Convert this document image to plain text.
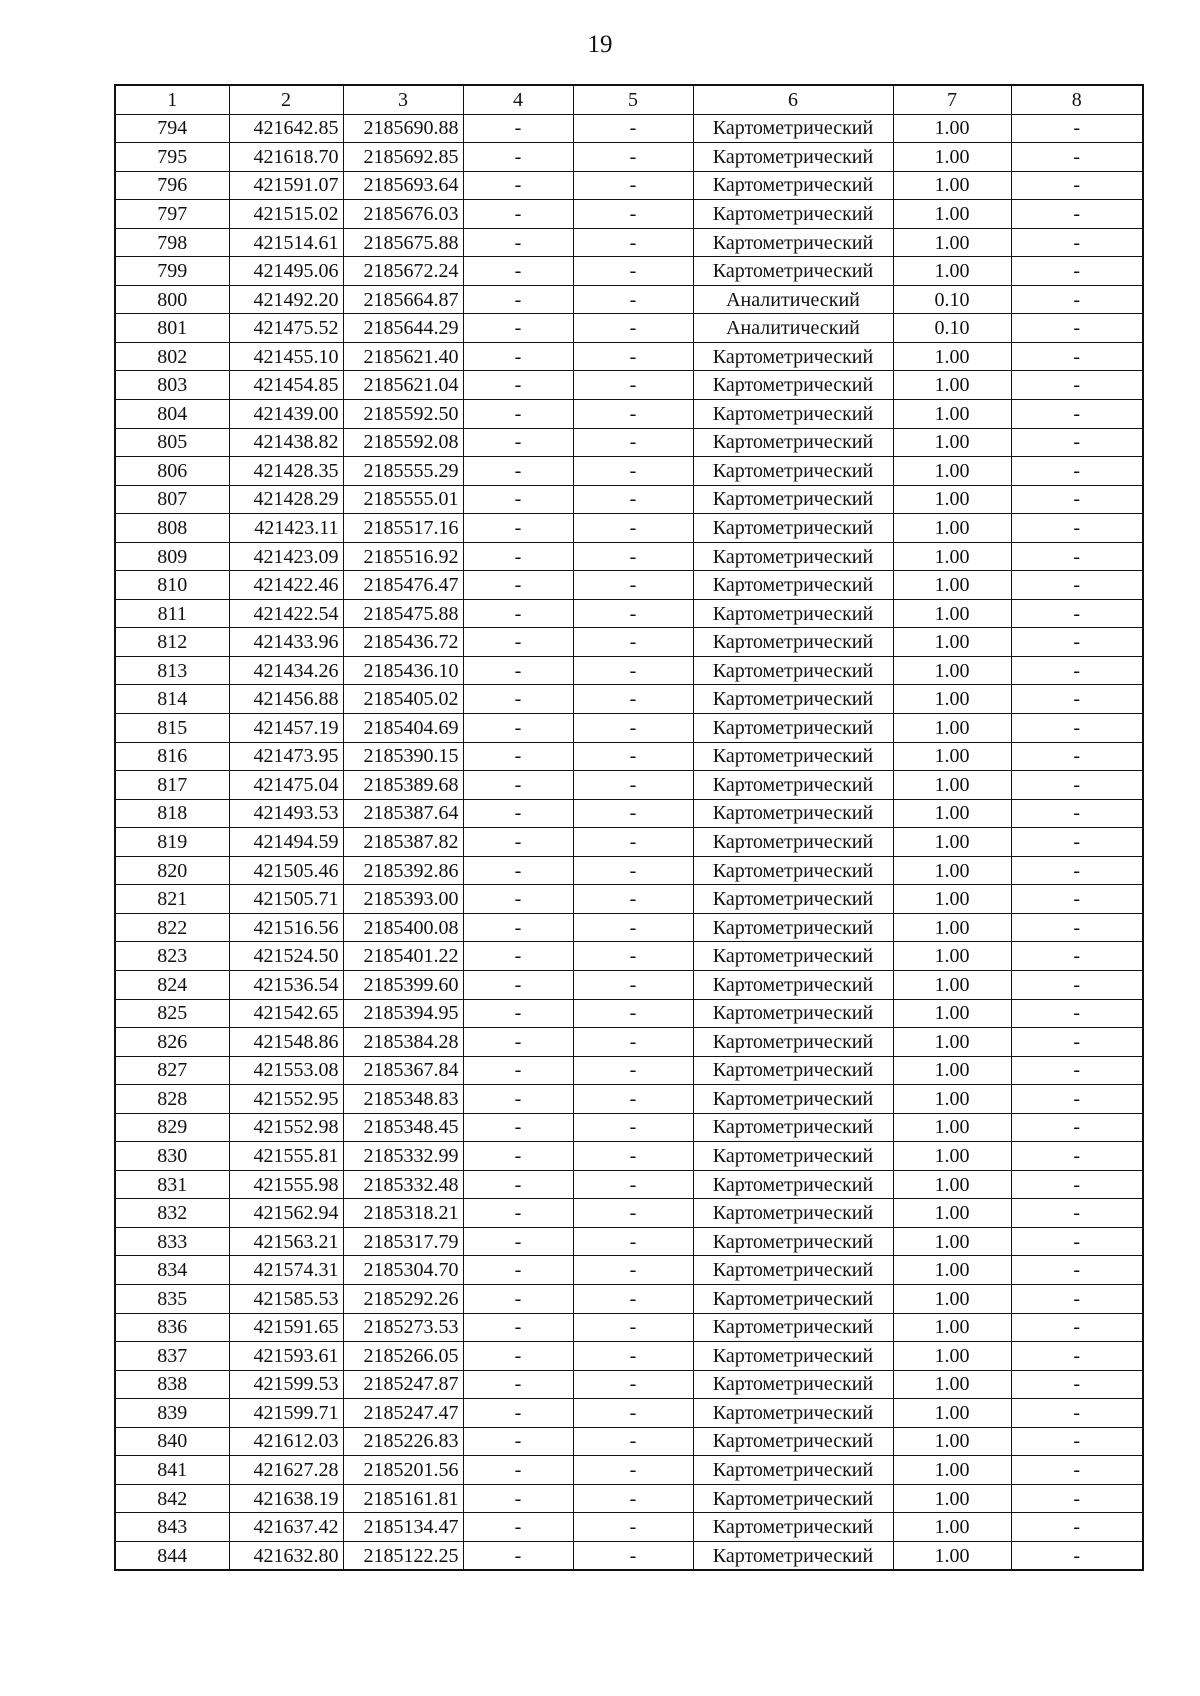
19
1	2	3	4	5	6	7	8
794	421642.85	2185690.88	-	-	Картометрический	1.00	-
795	421618.70	2185692.85	-	-	Картометрический	1.00	-
796	421591.07	2185693.64	-	-	Картометрический	1.00	-
797	421515.02	2185676.03	-	-	Картометрический	1.00	-
798	421514.61	2185675.88	-	-	Картометрический	1.00	-
799	421495.06	2185672.24	-	-	Картометрический	1.00	-
800	421492.20	2185664.87	-	-	Аналитический	0.10	-
801	421475.52	2185644.29	-	-	Аналитический	0.10	-
802	421455.10	2185621.40	-	-	Картометрический	1.00	-
803	421454.85	2185621.04	-	-	Картометрический	1.00	-
804	421439.00	2185592.50	-	-	Картометрический	1.00	-
805	421438.82	2185592.08	-	-	Картометрический	1.00	-
806	421428.35	2185555.29	-	-	Картометрический	1.00	-
807	421428.29	2185555.01	-	-	Картометрический	1.00	-
808	421423.11	2185517.16	-	-	Картометрический	1.00	-
809	421423.09	2185516.92	-	-	Картометрический	1.00	-
810	421422.46	2185476.47	-	-	Картометрический	1.00	-
811	421422.54	2185475.88	-	-	Картометрический	1.00	-
812	421433.96	2185436.72	-	-	Картометрический	1.00	-
813	421434.26	2185436.10	-	-	Картометрический	1.00	-
814	421456.88	2185405.02	-	-	Картометрический	1.00	-
815	421457.19	2185404.69	-	-	Картометрический	1.00	-
816	421473.95	2185390.15	-	-	Картометрический	1.00	-
817	421475.04	2185389.68	-	-	Картометрический	1.00	-
818	421493.53	2185387.64	-	-	Картометрический	1.00	-
819	421494.59	2185387.82	-	-	Картометрический	1.00	-
820	421505.46	2185392.86	-	-	Картометрический	1.00	-
821	421505.71	2185393.00	-	-	Картометрический	1.00	-
822	421516.56	2185400.08	-	-	Картометрический	1.00	-
823	421524.50	2185401.22	-	-	Картометрический	1.00	-
824	421536.54	2185399.60	-	-	Картометрический	1.00	-
825	421542.65	2185394.95	-	-	Картометрический	1.00	-
826	421548.86	2185384.28	-	-	Картометрический	1.00	-
827	421553.08	2185367.84	-	-	Картометрический	1.00	-
828	421552.95	2185348.83	-	-	Картометрический	1.00	-
829	421552.98	2185348.45	-	-	Картометрический	1.00	-
830	421555.81	2185332.99	-	-	Картометрический	1.00	-
831	421555.98	2185332.48	-	-	Картометрический	1.00	-
832	421562.94	2185318.21	-	-	Картометрический	1.00	-
833	421563.21	2185317.79	-	-	Картометрический	1.00	-
834	421574.31	2185304.70	-	-	Картометрический	1.00	-
835	421585.53	2185292.26	-	-	Картометрический	1.00	-
836	421591.65	2185273.53	-	-	Картометрический	1.00	-
837	421593.61	2185266.05	-	-	Картометрический	1.00	-
838	421599.53	2185247.87	-	-	Картометрический	1.00	-
839	421599.71	2185247.47	-	-	Картометрический	1.00	-
840	421612.03	2185226.83	-	-	Картометрический	1.00	-
841	421627.28	2185201.56	-	-	Картометрический	1.00	-
842	421638.19	2185161.81	-	-	Картометрический	1.00	-
843	421637.42	2185134.47	-	-	Картометрический	1.00	-
844	421632.80	2185122.25	-	-	Картометрический	1.00	-
